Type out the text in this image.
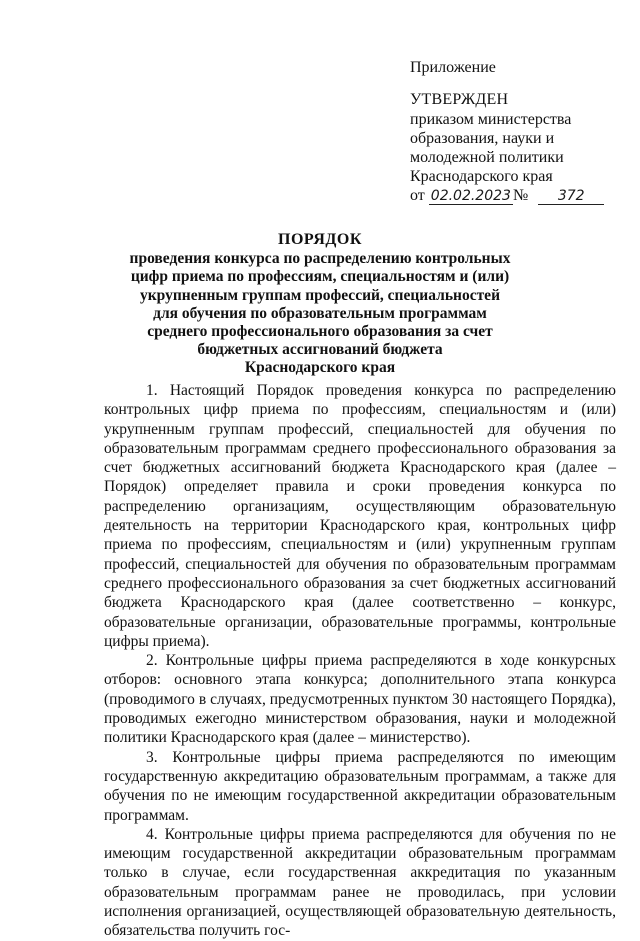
Приложение
УТВЕРЖДЕН
приказом министерства
образования, науки и
молодежной политики
Краснодарского края
от 02.02.2023 № 372
ПОРЯДОК
проведения конкурса по распределению контрольных
цифр приема по профессиям, специальностям и (или)
укрупненным группам профессий, специальностей
для обучения по образовательным программам
среднего профессионального образования за счет
бюджетных ассигнований бюджета
Краснодарского края

1. Настоящий Порядок проведения конкурса по распределению контрольных цифр приема по профессиям, специальностям и (или) укрупненным группам профессий, специальностей для обучения по образовательным программам среднего профессионального образования за счет бюджетных ассигнований бюджета Краснодарского края (далее – Порядок) определяет правила и сроки проведения конкурса по распределению организациям, осуществляющим образовательную деятельность на территории Краснодарского края, контрольных цифр приема по профессиям, специальностям и (или) укрупненным группам профессий, специальностей для обучения по образовательным программам среднего профессионального образования за счет бюджетных ассигнований бюджета Краснодарского края (далее соответственно – конкурс, образовательные организации, образовательные программы, контрольные цифры приема).

2. Контрольные цифры приема распределяются в ходе конкурсных отборов: основного этапа конкурса; дополнительного этапа конкурса (проводимого в случаях, предусмотренных пунктом 30 настоящего Порядка), проводимых ежегодно министерством образования, науки и молодежной политики Краснодарского края (далее – министерство).

3. Контрольные цифры приема распределяются по имеющим государственную аккредитацию образовательным программам, а также для обучения по не имеющим государственной аккредитации образовательным программам.

4. Контрольные цифры приема распределяются для обучения по не имеющим государственной аккредитации образовательным программам только в случае, если государственная аккредитация по указанным образовательным программам ранее не проводилась, при условии исполнения организацией, осуществляющей образовательную деятельность, обязательства получить гос-
